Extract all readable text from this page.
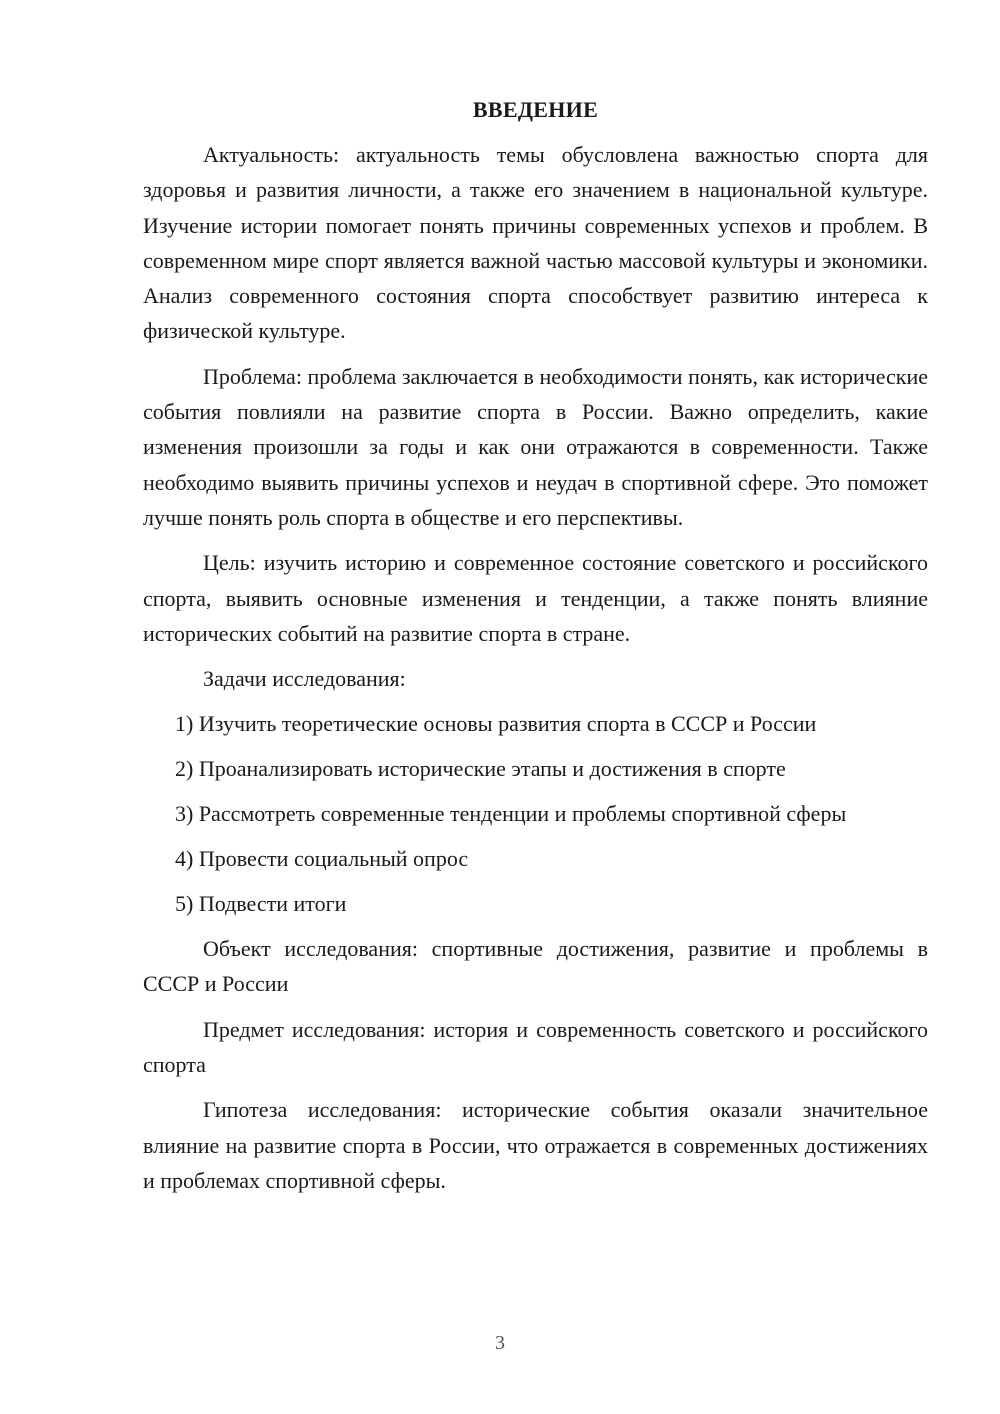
ВВЕДЕНИЕ

Актуальность: актуальность темы обусловлена важностью спорта для здоровья и развития личности, а также его значением в национальной культуре. Изучение истории помогает понять причины современных успехов и проблем. В современном мире спорт является важной частью массовой культуры и экономики. Анализ современного состояния спорта способствует развитию интереса к физической культуре.

Проблема: проблема заключается в необходимости понять, как исторические события повлияли на развитие спорта в России. Важно определить, какие изменения произошли за годы и как они отражаются в современности. Также необходимо выявить причины успехов и неудач в спортивной сфере. Это поможет лучше понять роль спорта в обществе и его перспективы.

Цель: изучить историю и современное состояние советского и российского спорта, выявить основные изменения и тенденции, а также понять влияние исторических событий на развитие спорта в стране.

Задачи исследования:
1) Изучить теоретические основы развития спорта в СССР и России
2) Проанализировать исторические этапы и достижения в спорте
3) Рассмотреть современные тенденции и проблемы спортивной сферы
4) Провести социальный опрос
5) Подвести итоги

Объект исследования: спортивные достижения, развитие и проблемы в СССР и России

Предмет исследования: история и современность советского и российского спорта

Гипотеза исследования: исторические события оказали значительное влияние на развитие спорта в России, что отражается в современных достижениях и проблемах спортивной сферы.

3
